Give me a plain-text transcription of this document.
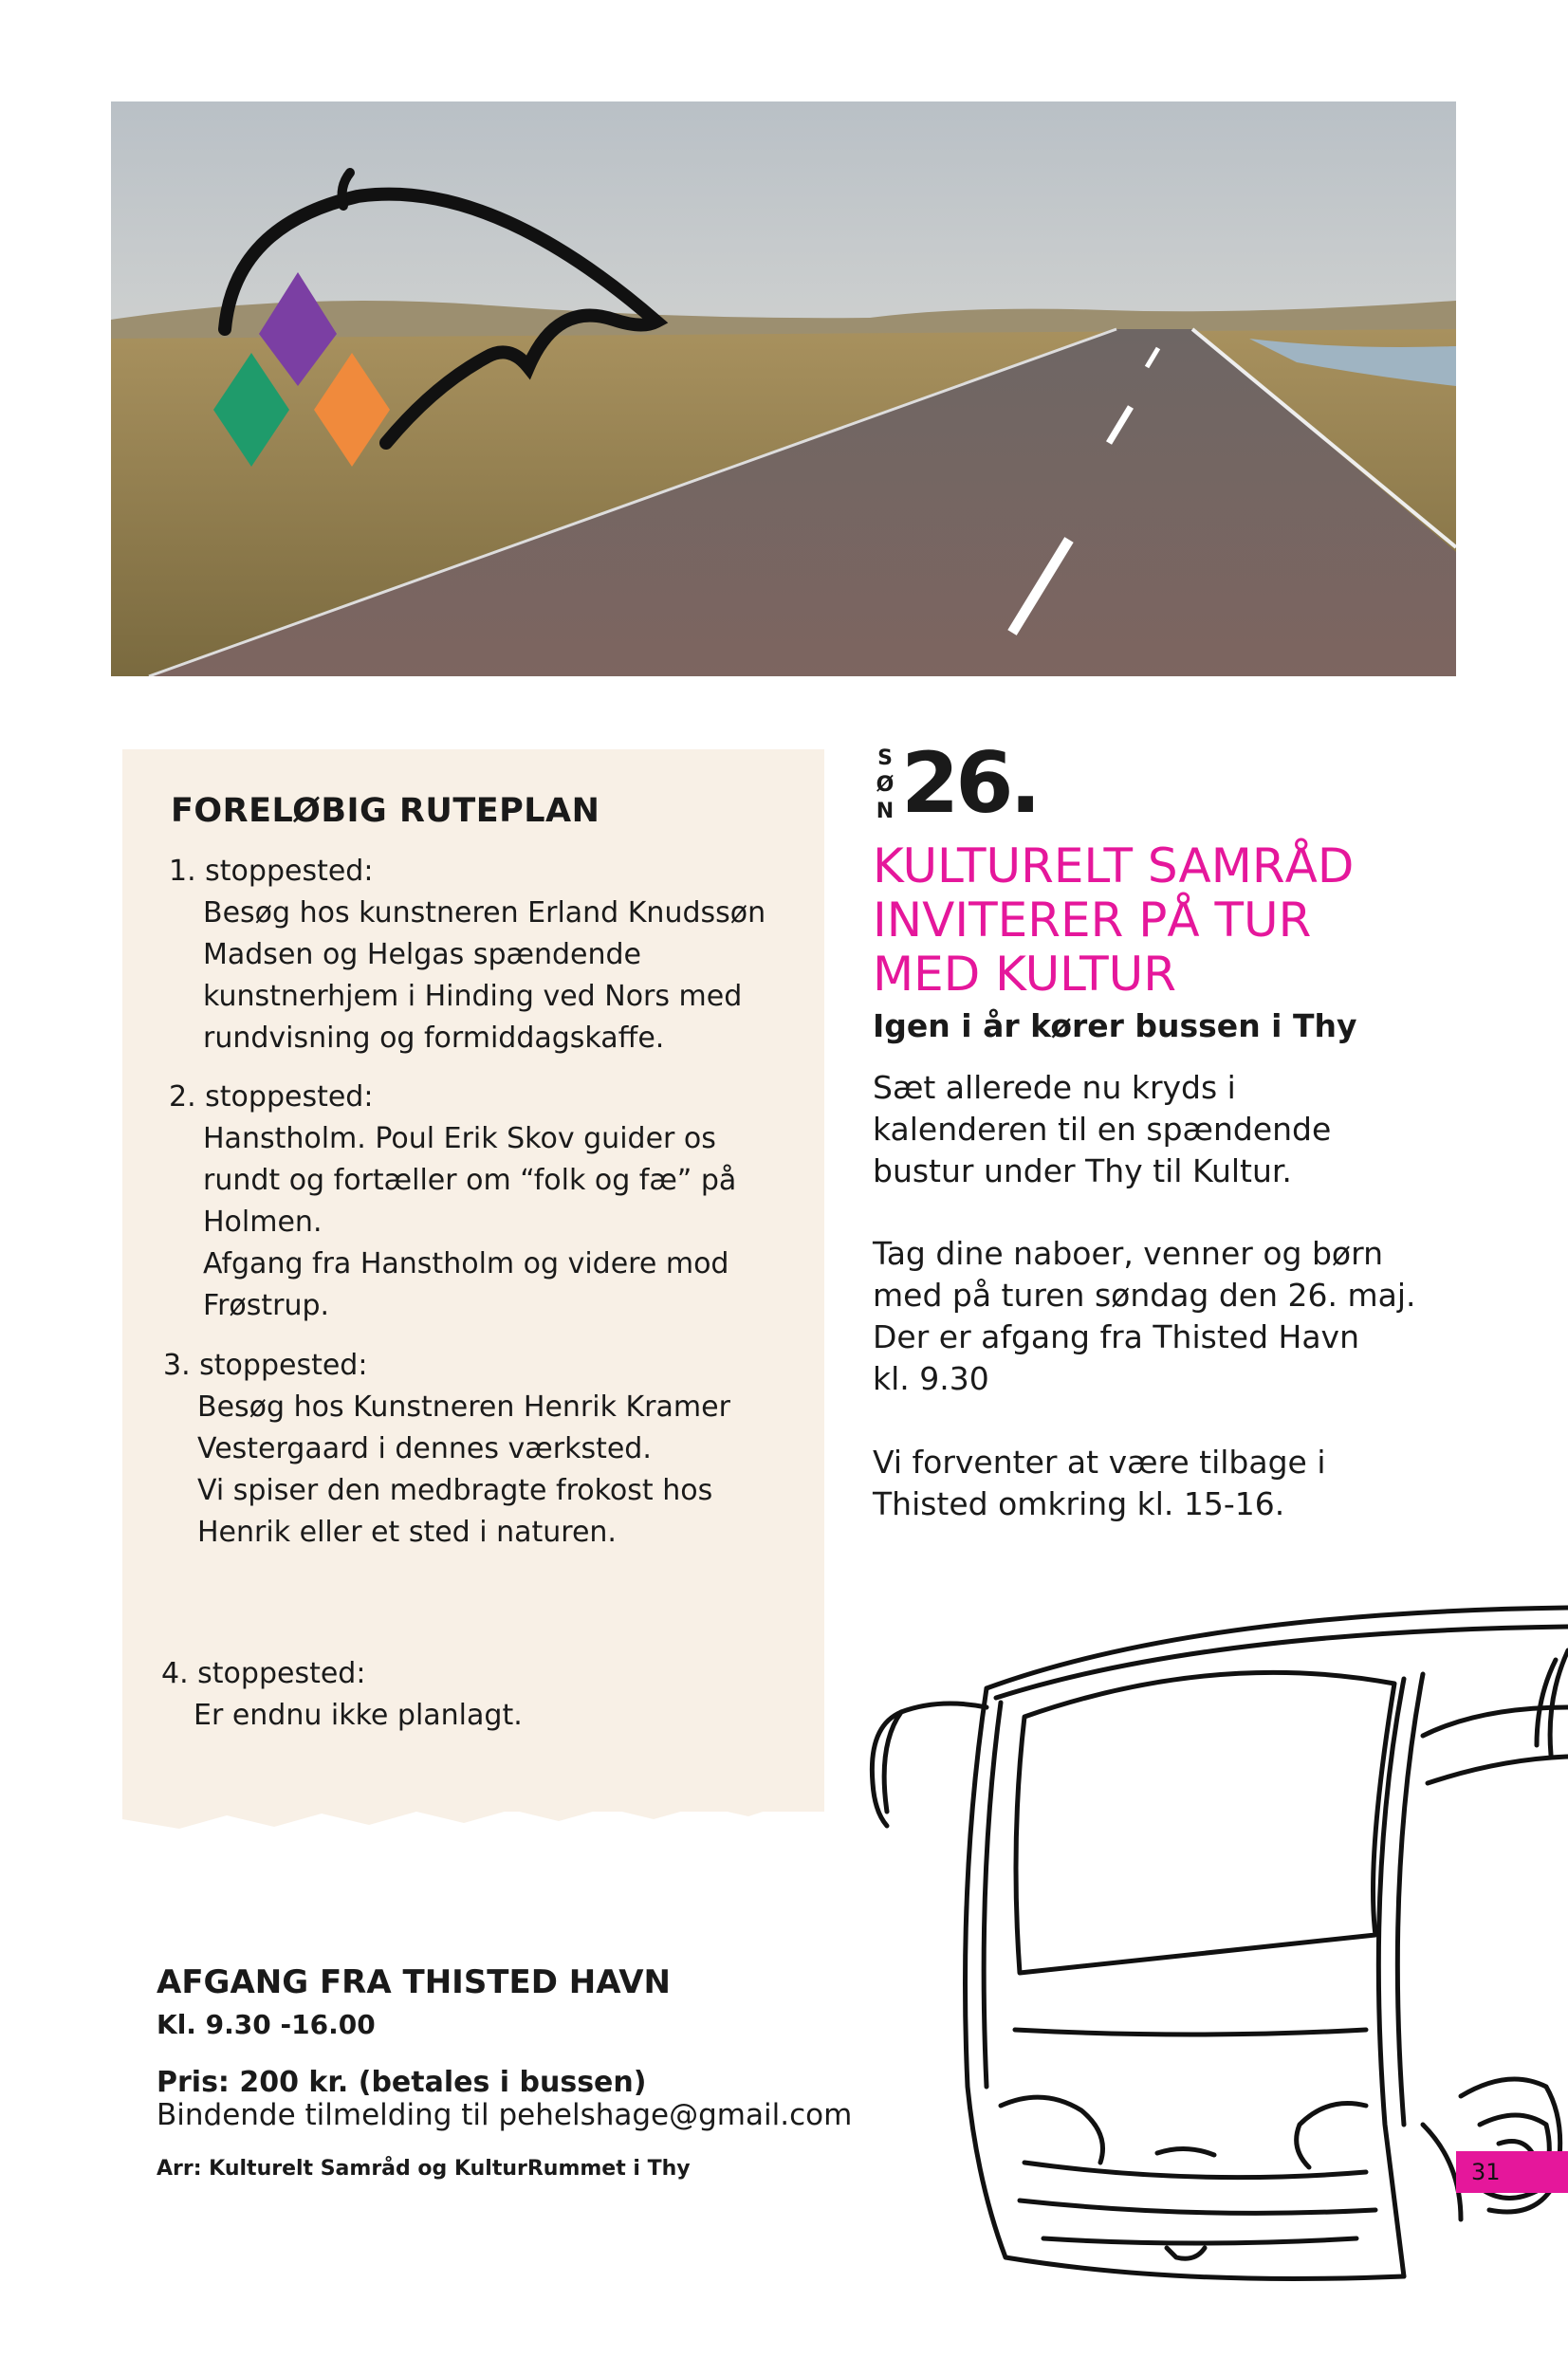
FORELØBIG RUTEPLAN

1. stoppested:

Besøg hos kunstneren Erland Knudssøn

Madsen og Helgas spændende

kunstnerhjem i Hinding ved Nors med

rundvisning og formiddagskaffe.

2. stoppested:

Hanstholm. Poul Erik Skov guider os

rundt og fortæller om “folk og fæ” på

Holmen.

Afgang fra Hanstholm og videre mod

Frøstrup.

3. stoppested:

Besøg hos Kunstneren Henrik Kramer

Vestergaard i dennes værksted.

Vi spiser den medbragte frokost hos

Henrik eller et sted i naturen.

4. stoppested:

Er endnu ikke planlagt.

S
Ø
N 26.
KULTURELT SAMRÅD
INVITERER PÅ TUR
MED KULTUR
Igen i år kører bussen i Thy
Sæt allerede nu kryds i
kalenderen til en spændende
bustur under Thy til Kultur.
Tag dine naboer, venner og børn
med på turen søndag den 26. maj.
Der er afgang fra Thisted Havn
kl. 9.30
Vi forventer at være tilbage i
Thisted omkring kl. 15-16.
AFGANG FRA THISTED HAVN
Kl. 9.30 -16.00
Pris: 200 kr. (betales i bussen)
Bindende tilmelding til pehelshage@gmail.com
Arr: Kulturelt Samråd og KulturRummet i Thy	31
